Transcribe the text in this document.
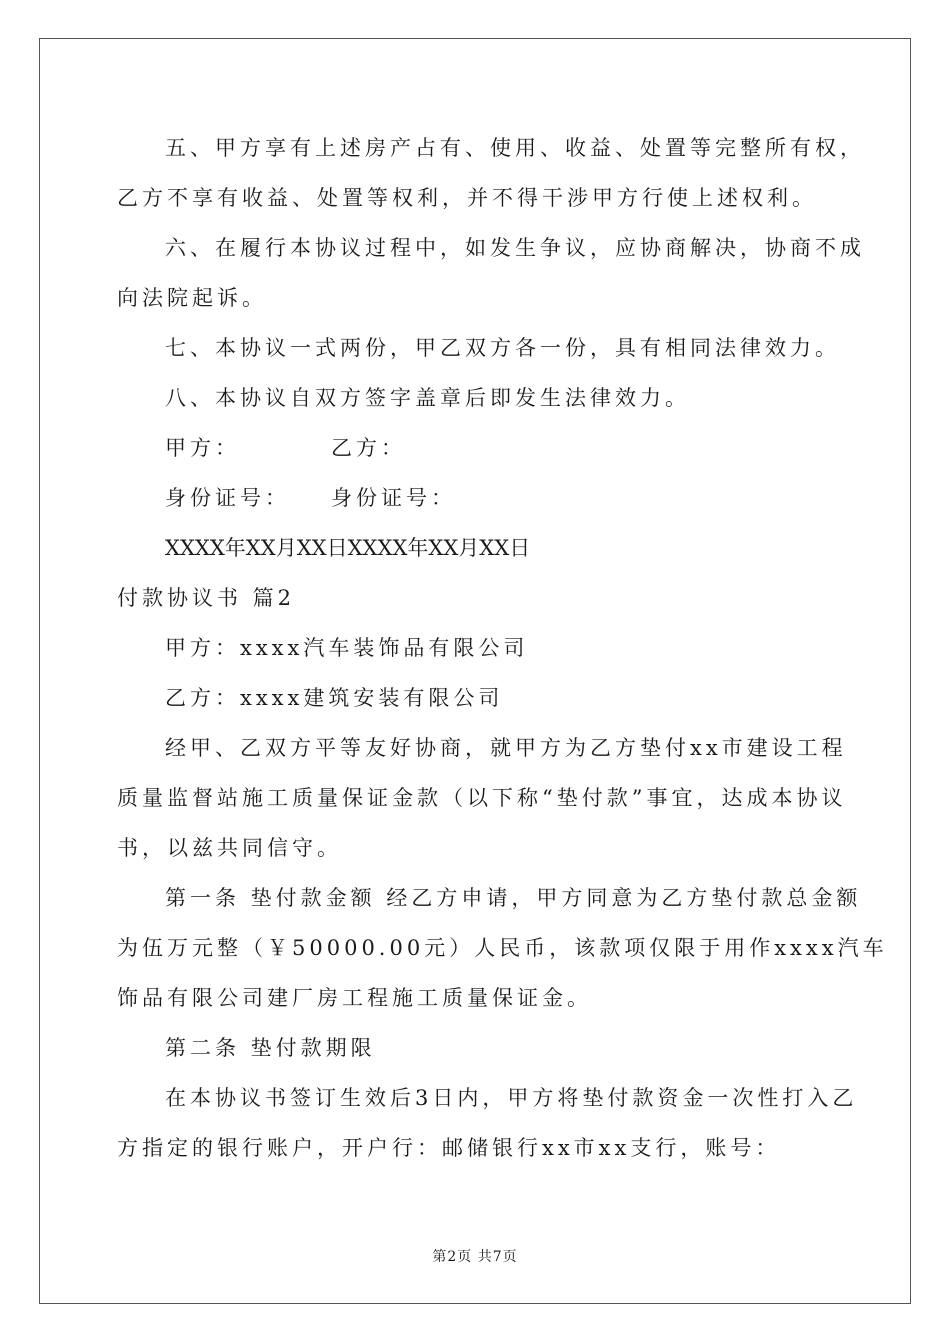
五、甲方享有上述房产占有、使用、收益、处置等完整所有权，
乙方不享有收益、处置等权利，并不得干涉甲方行使上述权利。
六、在履行本协议过程中，如发生争议，应协商解决，协商不成
向法院起诉。
七、本协议一式两份，甲乙双方各一份，具有相同法律效力。
八、本协议自双方签字盖章后即发生法律效力。
甲方：	乙方：
身份证号： 身份证号：
XXXX年XX月XX日XXXX年XX月XX日
付款协议书 篇2
甲方：xxxx汽车装饰品有限公司
乙方：xxxx建筑安装有限公司
经甲、乙双方平等友好协商，就甲方为乙方垫付xx市建设工程
质量监督站施工质量保证金款（以下称“垫付款”事宜，达成本协议
书，以兹共同信守。
第一条 垫付款金额 经乙方申请，甲方同意为乙方垫付款总金额
为伍万元整（￥50000.00元）人民币，该款项仅限于用作xxxx汽车
饰品有限公司建厂房工程施工质量保证金。
第二条 垫付款期限
在本协议书签订生效后3日内，甲方将垫付款资金一次性打入乙
方指定的银行账户，开户行：邮储银行xx市xx支行，账号：
第2页 共7页
